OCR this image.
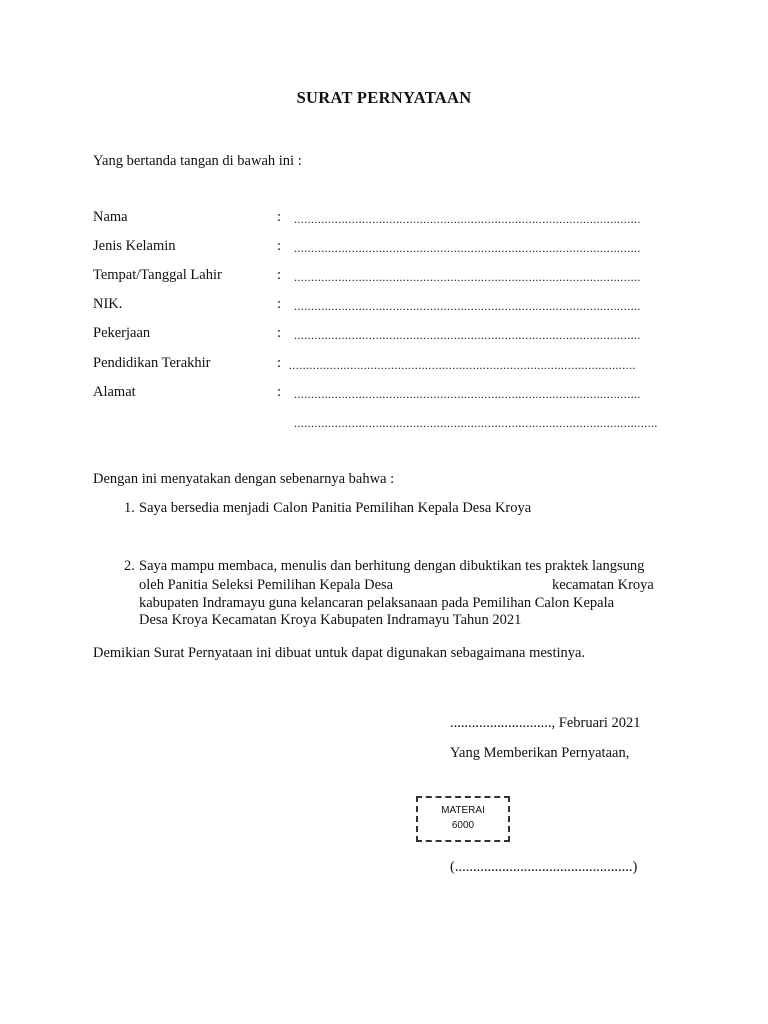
SURAT PERNYATAAN
Yang bertanda tangan di bawah ini :
Nama	: ......................................................................................................
Jenis Kelamin	: ......................................................................................................
Tempat/Tanggal Lahir	: ......................................................................................................
NIK.	: ......................................................................................................
Pekerjaan	: ......................................................................................................
Pendidikan Terakhir	: ......................................................................................................
Alamat	: ......................................................................................................
...........................................................................................................
Dengan ini menyatakan dengan sebenarnya bahwa :
1. Saya bersedia menjadi Calon Panitia Pemilihan Kepala Desa Kroya
2. Saya mampu membaca, menulis dan berhitung dengan dibuktikan tes praktek langsung
oleh Panitia Seleksi Pemilihan Kepala Desa	kecamatan Kroya
kabupaten Indramayu guna kelancaran pelaksanaan pada Pemilihan Calon Kepala
Desa Kroya Kecamatan Kroya Kabupaten Indramayu Tahun 2021
Demikian Surat Pernyataan ini dibuat untuk dapat digunakan sebagaimana mestinya.
............................, Februari 2021
Yang Memberikan Pernyataan,
MATERAI
6000
(.................................................)
